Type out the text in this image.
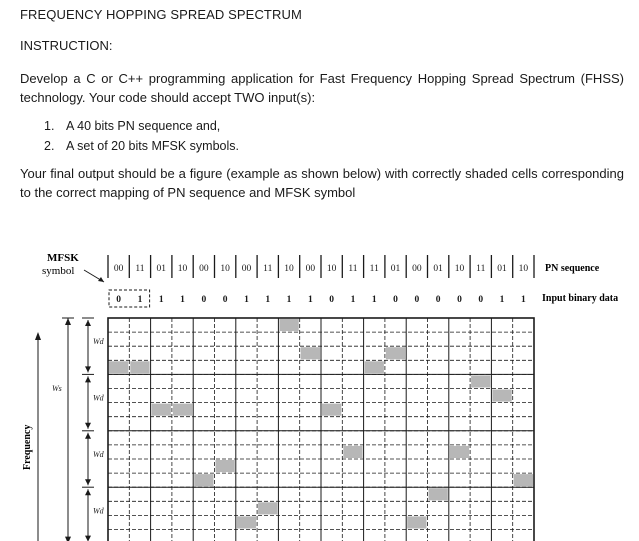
FREQUENCY HOPPING SPREAD SPECTRUM
INSTRUCTION:
Develop a C or C++ programming application for Fast Frequency Hopping Spread Spectrum (FHSS) technology. Your code should accept TWO input(s):
1. A 40 bits PN sequence and,
2. A set of 20 bits MFSK symbols.
Your final output should be a figure (example as shown below) with correctly shaded cells corresponding to the correct mapping of PN sequence and MFSK symbol
MFSK
symbol	PN sequence
Input binary data
Frequency
00 11 01 10 00 10 00 11 10 00 10 11 11 01 00 01 10 11 01 10
0 1 1 1 0 0 1 1 1 1 0 1 1 0 0 0 0 0 1 1
Wd
Wd
Wd
Wd
Ws
